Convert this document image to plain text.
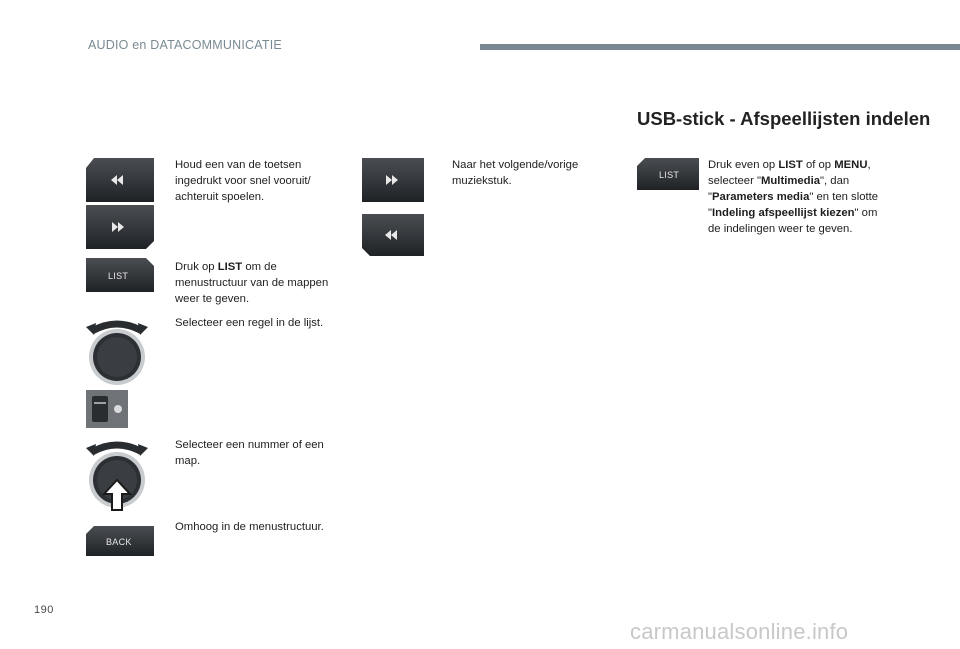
AUDIO en DATACOMMUNICATIE
LIST
BACK
Houd een van de toetsen ingedrukt voor snel vooruit/ achteruit spoelen.
Druk op LIST om de menustructuur van de mappen weer te geven.
Selecteer een regel in de lijst.
Selecteer een nummer of een map.
Omhoog in de menustructuur.
Naar het volgende/vorige muziekstuk.
USB-stick - Afspeellijsten indelen
LIST
Druk even op LIST of op MENU, selecteer "Multimedia", dan "Parameters media" en ten slotte "Indeling afspeellijst kiezen" om de indelingen weer te geven.
190
carmanualsonline.info
